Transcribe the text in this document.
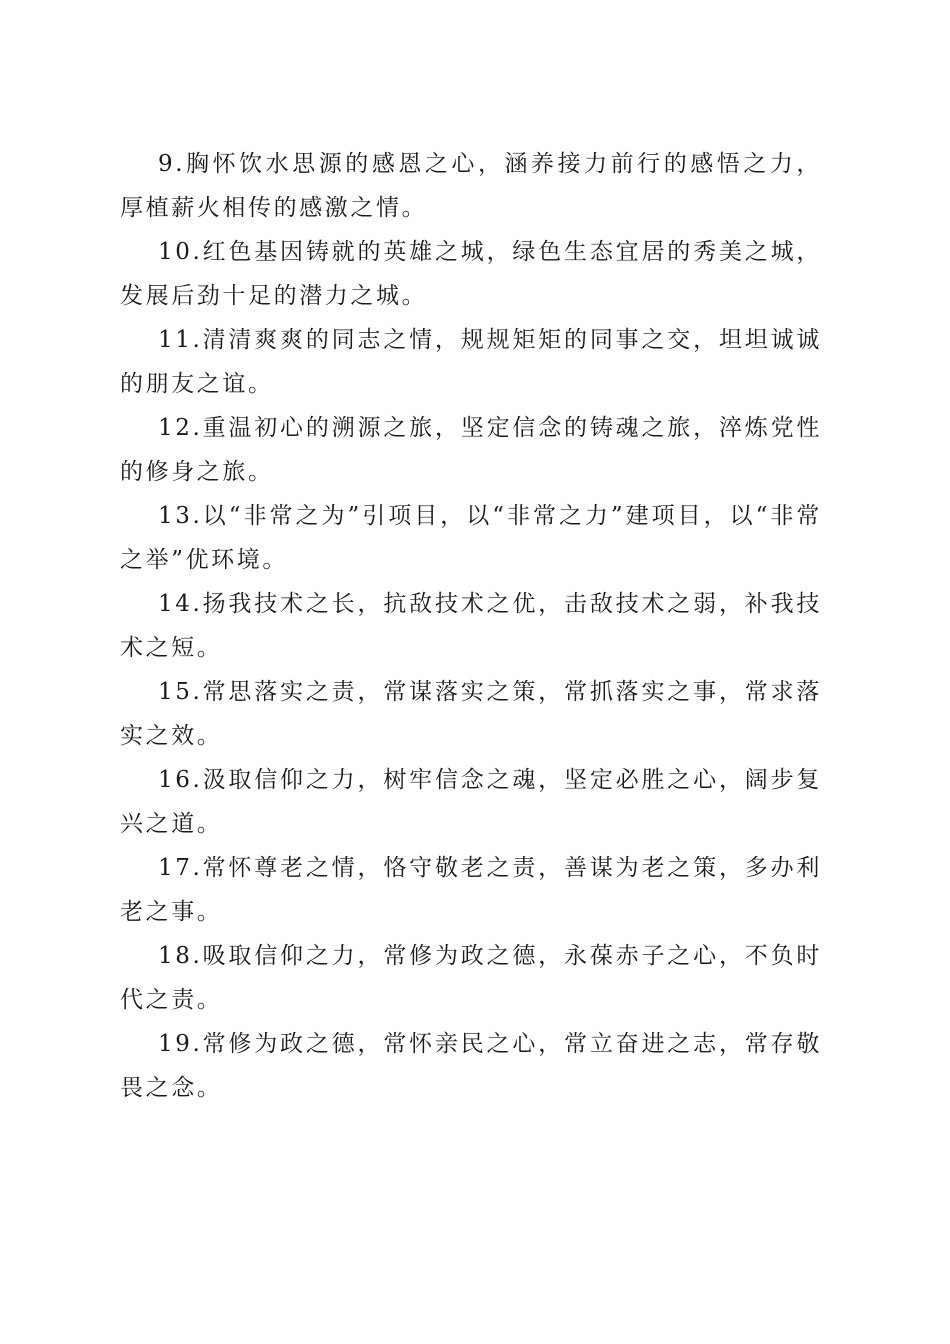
9.胸怀饮水思源的感恩之心，涵养接力前行的感悟之力，厚植薪火相传的感激之情。

10.红色基因铸就的英雄之城，绿色生态宜居的秀美之城，发展后劲十足的潜力之城。

11.清清爽爽的同志之情，规规矩矩的同事之交，坦坦诚诚的朋友之谊。

12.重温初心的溯源之旅，坚定信念的铸魂之旅，淬炼党性的修身之旅。

13.以“非常之为”引项目，以“非常之力”建项目，以“非常之举”优环境。

14.扬我技术之长，抗敌技术之优，击敌技术之弱，补我技术之短。

15.常思落实之责，常谋落实之策，常抓落实之事，常求落实之效。

16.汲取信仰之力，树牢信念之魂，坚定必胜之心，阔步复兴之道。

17.常怀尊老之情，恪守敬老之责，善谋为老之策，多办利老之事。

18.吸取信仰之力，常修为政之德，永葆赤子之心，不负时代之责。

19.常修为政之德，常怀亲民之心，常立奋进之志，常存敬畏之念。
